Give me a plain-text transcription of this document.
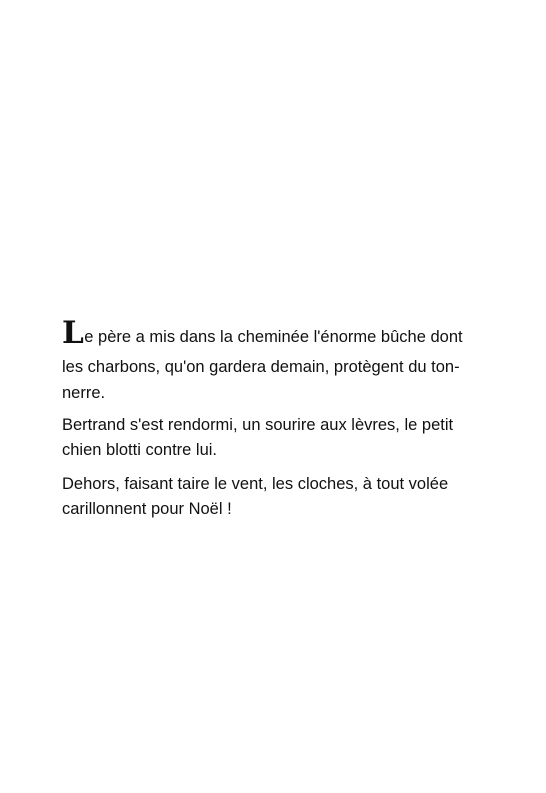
Le père a mis dans la cheminée l'énorme bûche dont
les charbons, qu'on gardera demain, protègent du ton-
nerre.

Bertrand s'est rendormi, un sourire aux lèvres, le petit
chien blotti contre lui.

Dehors, faisant taire le vent, les cloches, à tout volée
carillonnent pour Noël !
